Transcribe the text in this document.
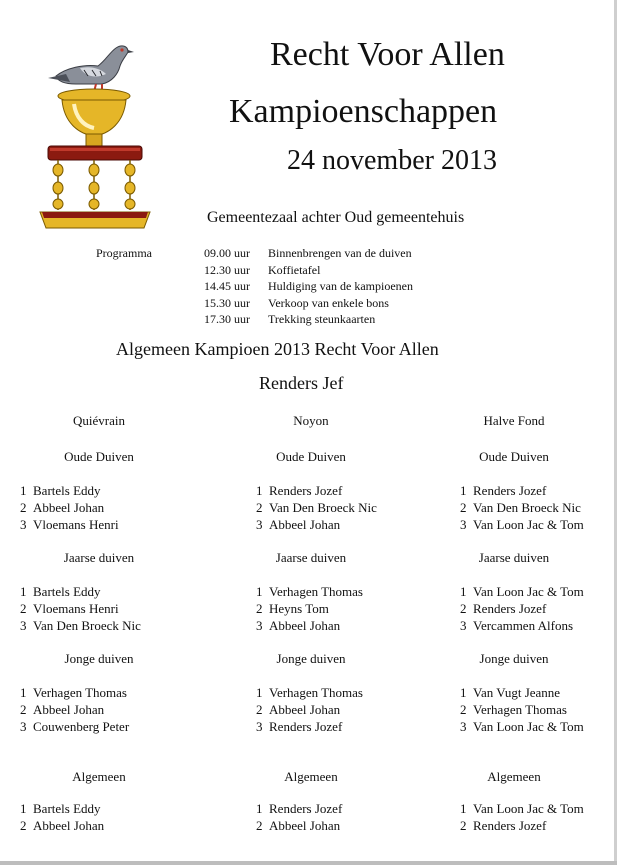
Recht Voor Allen
Kampioenschappen
24 november 2013
Gemeentezaal achter Oud gemeentehuis
Programma	09.00 uur Binnenbrengen van de duiven
12.30 uur Koffietafel
14.45 uur Huldiging van de kampioenen
15.30 uur Verkoop van enkele bons
17.30 uur Trekking steunkaarten
Algemeen Kampioen 2013 Recht Voor Allen
Renders Jef
Quiévrain
Oude Duiven
1 Bartels Eddy
2 Abbeel Johan
3 Vloemans Henri
Jaarse duiven
1 Bartels Eddy
2 Vloemans Henri
3 Van Den Broeck Nic
Jonge duiven
1 Verhagen Thomas
2 Abbeel Johan
3 Couwenberg Peter
Algemeen
1 Bartels Eddy
2 Abbeel Johan
Noyon
Oude Duiven
1 Renders Jozef
2 Van Den Broeck Nic
3 Abbeel Johan
Jaarse duiven
1 Verhagen Thomas
2 Heyns Tom
3 Abbeel Johan
Jonge duiven
1 Verhagen Thomas
2 Abbeel Johan
3 Renders Jozef
Algemeen
1 Renders Jozef
2 Abbeel Johan
Halve Fond
Oude Duiven
1 Renders Jozef
2 Van Den Broeck Nic
3 Van Loon Jac & Tom
Jaarse duiven
1 Van Loon Jac & Tom
2 Renders Jozef
3 Vercammen Alfons
Jonge duiven
1 Van Vugt Jeanne
2 Verhagen Thomas
3 Van Loon Jac & Tom
Algemeen
1 Van Loon Jac & Tom
2 Renders Jozef
